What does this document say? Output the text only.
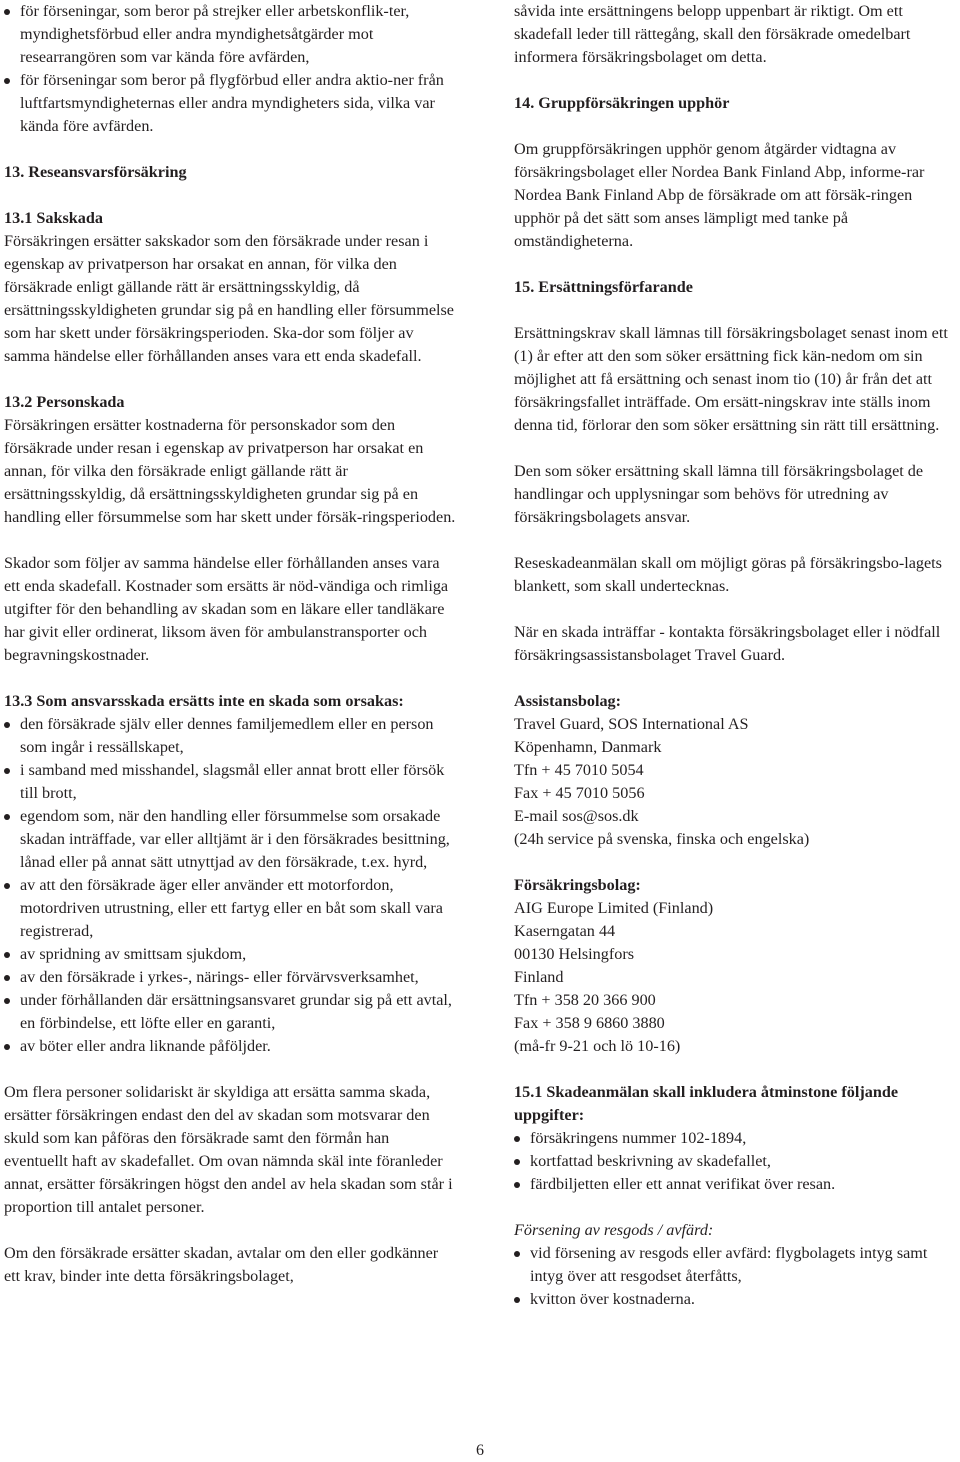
för förseningar, som beror på strejker eller arbetskonflik-ter, myndighetsförbud eller andra myndighetsåtgärder mot researrangören som var kända före avfärden,
för förseningar som beror på flygförbud eller andra aktio-ner från luftfartsmyndigheternas eller andra myndigheters sida, vilka var kända före avfärden.

13. Reseansvarsförsäkring

13.1 Sakskada

Försäkringen ersätter sakskador som den försäkrade under resan i egenskap av privatperson har orsakat en annan, för vilka den försäkrade enligt gällande rätt är ersättningsskyldig, då ersättningsskyldigheten grundar sig på en handling eller försummelse som har skett under försäkringsperioden. Ska-dor som följer av samma händelse eller förhållanden anses vara ett enda skadefall.

13.2 Personskada

Försäkringen ersätter kostnaderna för personskador som den försäkrade under resan i egenskap av privatperson har orsakat en annan, för vilka den försäkrade enligt gällande rätt är ersättningsskyldig, då ersättningsskyldigheten grundar sig på en handling eller försummelse som har skett under försäk-ringsperioden.

Skador som följer av samma händelse eller förhållanden anses vara ett enda skadefall. Kostnader som ersätts är nöd-vändiga och rimliga utgifter för den behandling av skadan som en läkare eller tandläkare har givit eller ordinerat, liksom även för ambulanstransporter och begravningskostnader.

13.3 Som ansvarsskada ersätts inte en skada som orsakas:

den försäkrade själv eller dennes familjemedlem eller en person som ingår i ressällskapet,
i samband med misshandel, slagsmål eller annat brott eller försök till brott,
egendom som, när den handling eller försummelse som orsakade skadan inträffade, var eller alltjämt är i den försäkrades besittning, lånad eller på annat sätt utnyttjad av den försäkrade, t.ex. hyrd,
av att den försäkrade äger eller använder ett motorfordon, motordriven utrustning, eller ett fartyg eller en båt som skall vara registrerad,
av spridning av smittsam sjukdom,
av den försäkrade i yrkes-, närings- eller förvärvsverksamhet,
under förhållanden där ersättningsansvaret grundar sig på ett avtal, en förbindelse, ett löfte eller en garanti,
av böter eller andra liknande påföljder.

Om flera personer solidariskt är skyldiga att ersätta samma skada, ersätter försäkringen endast den del av skadan som motsvarar den skuld som kan påföras den försäkrade samt den förmån han eventuellt haft av skadefallet. Om ovan nämnda skäl inte föranleder annat, ersätter försäkringen högst den andel av hela skadan som står i proportion till antalet personer.

Om den försäkrade ersätter skadan, avtalar om den eller godkänner ett krav, binder inte detta försäkringsbolaget,

såvida inte ersättningens belopp uppenbart är riktigt. Om ett skadefall leder till rättegång, skall den försäkrade omedelbart informera försäkringsbolaget om detta.

14. Gruppförsäkringen upphör

Om gruppförsäkringen upphör genom åtgärder vidtagna av försäkringsbolaget eller Nordea Bank Finland Abp, informe-rar Nordea Bank Finland Abp de försäkrade om att försäk-ringen upphör på det sätt som anses lämpligt med tanke på omständigheterna.

15. Ersättningsförfarande

Ersättningskrav skall lämnas till försäkringsbolaget senast inom ett (1) år efter att den som söker ersättning fick kän-nedom om sin möjlighet att få ersättning och senast inom tio (10) år från det att försäkringsfallet inträffade. Om ersätt-ningskrav inte ställs inom denna tid, förlorar den som söker ersättning sin rätt till ersättning.

Den som söker ersättning skall lämna till försäkringsbolaget de handlingar och upplysningar som behövs för utredning av försäkringsbolagets ansvar.

Reseskadeanmälan skall om möjligt göras på försäkringsbo-lagets blankett, som skall undertecknas.

När en skada inträffar - kontakta försäkringsbolaget eller i nödfall försäkringsassistansbolaget Travel Guard.

Assistansbolag:

Travel Guard, SOS International AS

Köpenhamn, Danmark

Tfn + 45 7010 5054

Fax + 45 7010 5056

E-mail sos@sos.dk

(24h service på svenska, finska och engelska)

Försäkringsbolag:

AIG Europe Limited (Finland)

Kaserngatan 44

00130 Helsingfors

Finland

Tfn + 358 20 366 900

Fax + 358 9 6860 3880

(må-fr 9-21 och lö 10-16)

15.1 Skadeanmälan skall inkludera åtminstone följande uppgifter:

försäkringens nummer 102-1894,
kortfattad beskrivning av skadefallet,
färdbiljetten eller ett annat verifikat över resan.

Försening av resgods / avfärd:

vid försening av resgods eller avfärd: flygbolagets intyg samt intyg över att resgodset återfåtts,
kvitton över kostnaderna.
6
